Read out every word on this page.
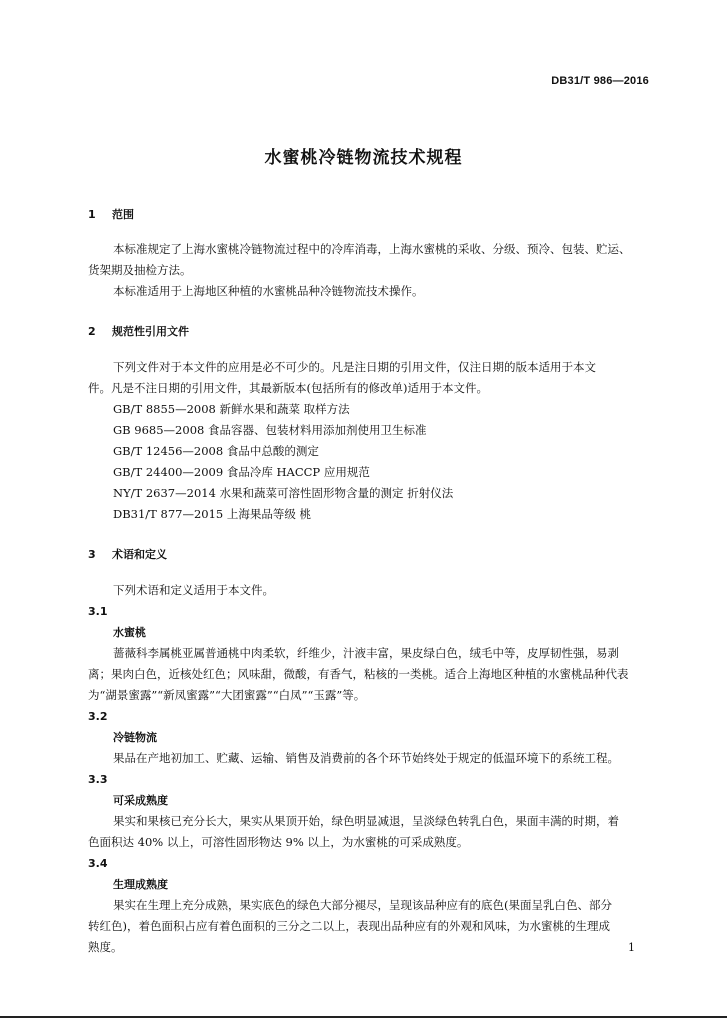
DB31/T 986—2016
水蜜桃冷链物流技术规程
1 范围
本标准规定了上海水蜜桃冷链物流过程中的冷库消毒，上海水蜜桃的采收、分级、预冷、包装、贮运、
货架期及抽检方法。
本标准适用于上海地区种植的水蜜桃品种冷链物流技术操作。
2 规范性引用文件
下列文件对于本文件的应用是必不可少的。凡是注日期的引用文件，仅注日期的版本适用于本文
件。凡是不注日期的引用文件，其最新版本(包括所有的修改单)适用于本文件。
GB/T 8855—2008 新鲜水果和蔬菜 取样方法
GB 9685—2008 食品容器、包装材料用添加剂使用卫生标准
GB/T 12456—2008 食品中总酸的测定
GB/T 24400—2009 食品冷库 HACCP 应用规范
NY/T 2637—2014 水果和蔬菜可溶性固形物含量的测定 折射仪法
DB31/T 877—2015 上海果品等级 桃
3 术语和定义
下列术语和定义适用于本文件。
3.1
水蜜桃
蔷薇科李属桃亚属普通桃中肉柔软，纤维少，汁液丰富，果皮绿白色，绒毛中等，皮厚韧性强，易剥
离；果肉白色，近核处红色；风味甜，微酸，有香气，粘核的一类桃。适合上海地区种植的水蜜桃品种代表
为“湖景蜜露”“新凤蜜露”“大团蜜露”“白凤”“玉露”等。
3.2
冷链物流
果品在产地初加工、贮藏、运输、销售及消费前的各个环节始终处于规定的低温环境下的系统工程。
3.3
可采成熟度
果实和果核已充分长大，果实从果顶开始，绿色明显减退，呈淡绿色转乳白色，果面丰满的时期，着
色面积达 40% 以上，可溶性固形物达 9% 以上，为水蜜桃的可采成熟度。
3.4
生理成熟度
果实在生理上充分成熟，果实底色的绿色大部分褪尽，呈现该品种应有的底色(果面呈乳白色、部分
转红色)，着色面积占应有着色面积的三分之二以上，表现出品种应有的外观和风味，为水蜜桃的生理成
熟度。	1
